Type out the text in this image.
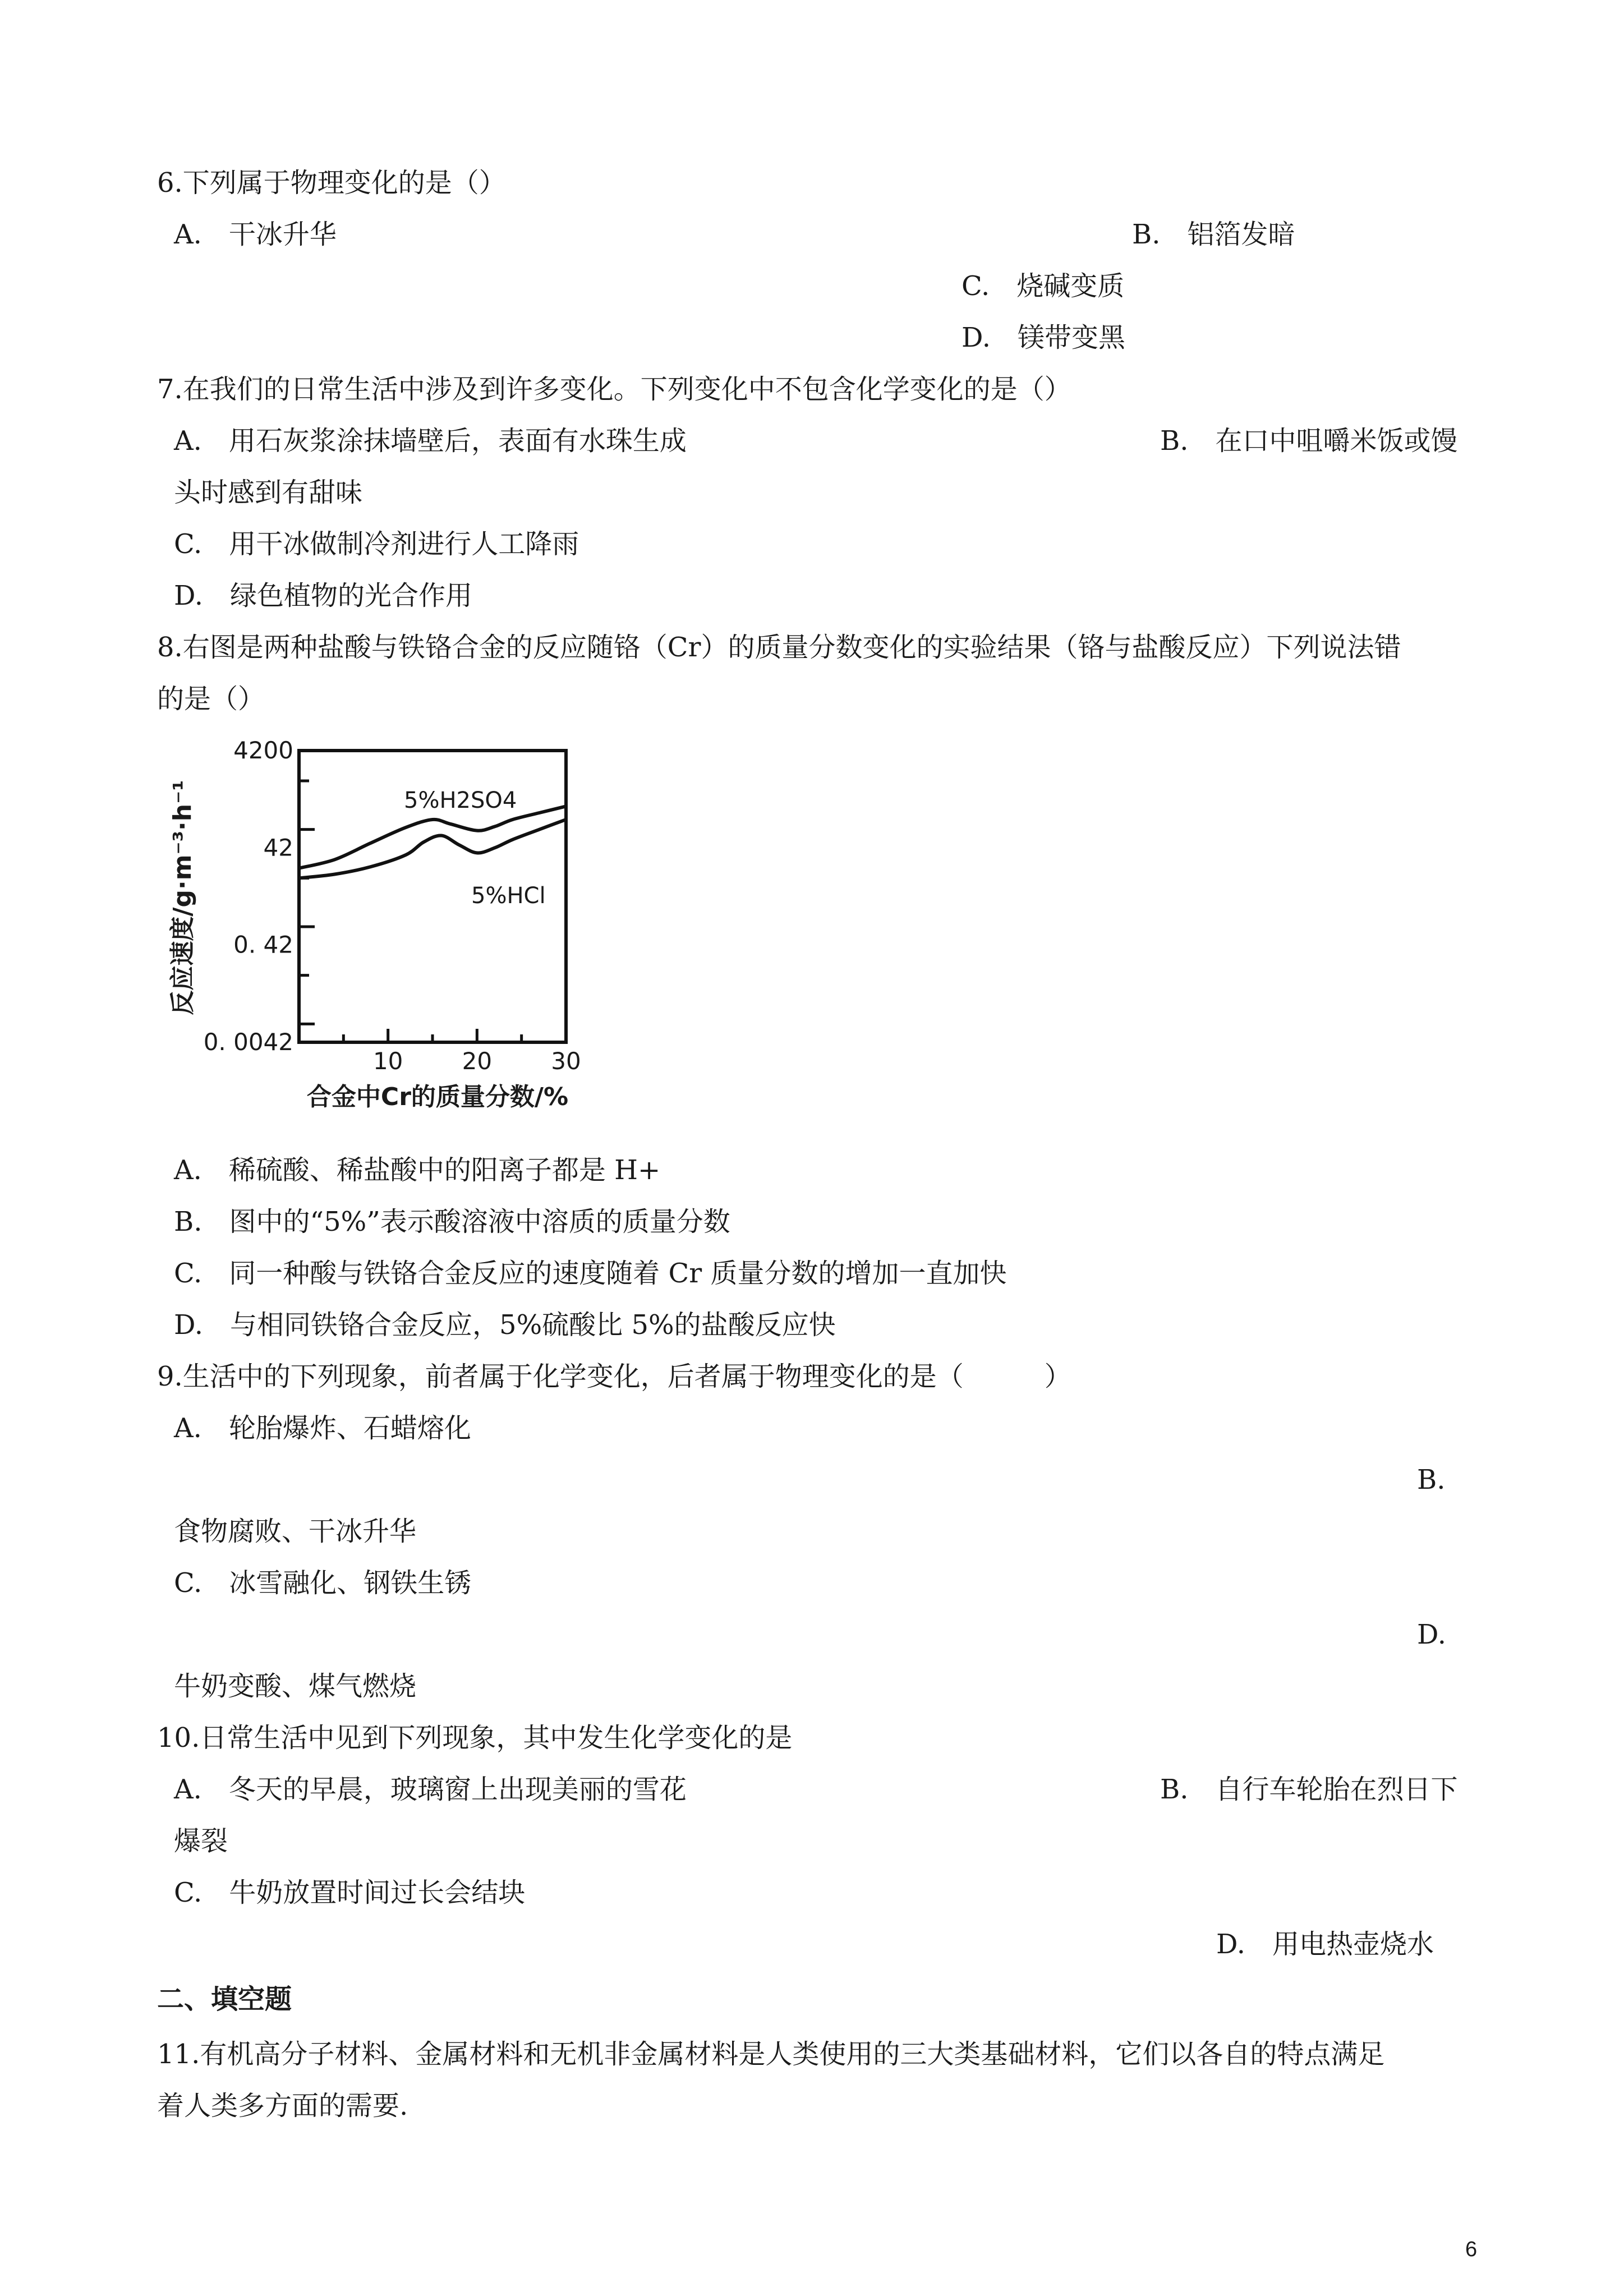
6.下列属于物理变化的是（）
A.　干冰升华	B.　铝箔发暗
C.　烧碱变质
D.　镁带变黑
7.在我们的日常生活中涉及到许多变化。下列变化中不包含化学变化的是（）
A.　用石灰浆涂抹墙壁后，表面有水珠生成	B.　在口中咀嚼米饭或馒
头时感到有甜味
C.　用干冰做制冷剂进行人工降雨
D.　绿色植物的光合作用
8.右图是两种盐酸与铁铬合金的反应随铬（Cr）的质量分数变化的实验结果（铬与盐酸反应）下列说法错
的是（）
4200
42
0. 42
0. 0042
10	20	30
5%H2SO4
5%HCl
合金中Cr的质量分数/%
反应速度/g·m⁻³·h⁻¹
A.　稀硫酸、稀盐酸中的阳离子都是 H+
B.　图中的“5%”表示酸溶液中溶质的质量分数
C.　同一种酸与铁铬合金反应的速度随着 Cr 质量分数的增加一直加快
D.　与相同铁铬合金反应，5%硫酸比 5%的盐酸反应快
9.生活中的下列现象，前者属于化学变化，后者属于物理变化的是（　　　）
A.　轮胎爆炸、石蜡熔化
B.
食物腐败、干冰升华
C.　冰雪融化、钢铁生锈
D.
牛奶变酸、煤气燃烧
10.日常生活中见到下列现象，其中发生化学变化的是
A.　冬天的早晨，玻璃窗上出现美丽的雪花	B.　自行车轮胎在烈日下
爆裂
C.　牛奶放置时间过长会结块
D.　用电热壶烧水
二、填空题
11.有机高分子材料、金属材料和无机非金属材料是人类使用的三大类基础材料，它们以各自的特点满足
着人类多方面的需要.
6
